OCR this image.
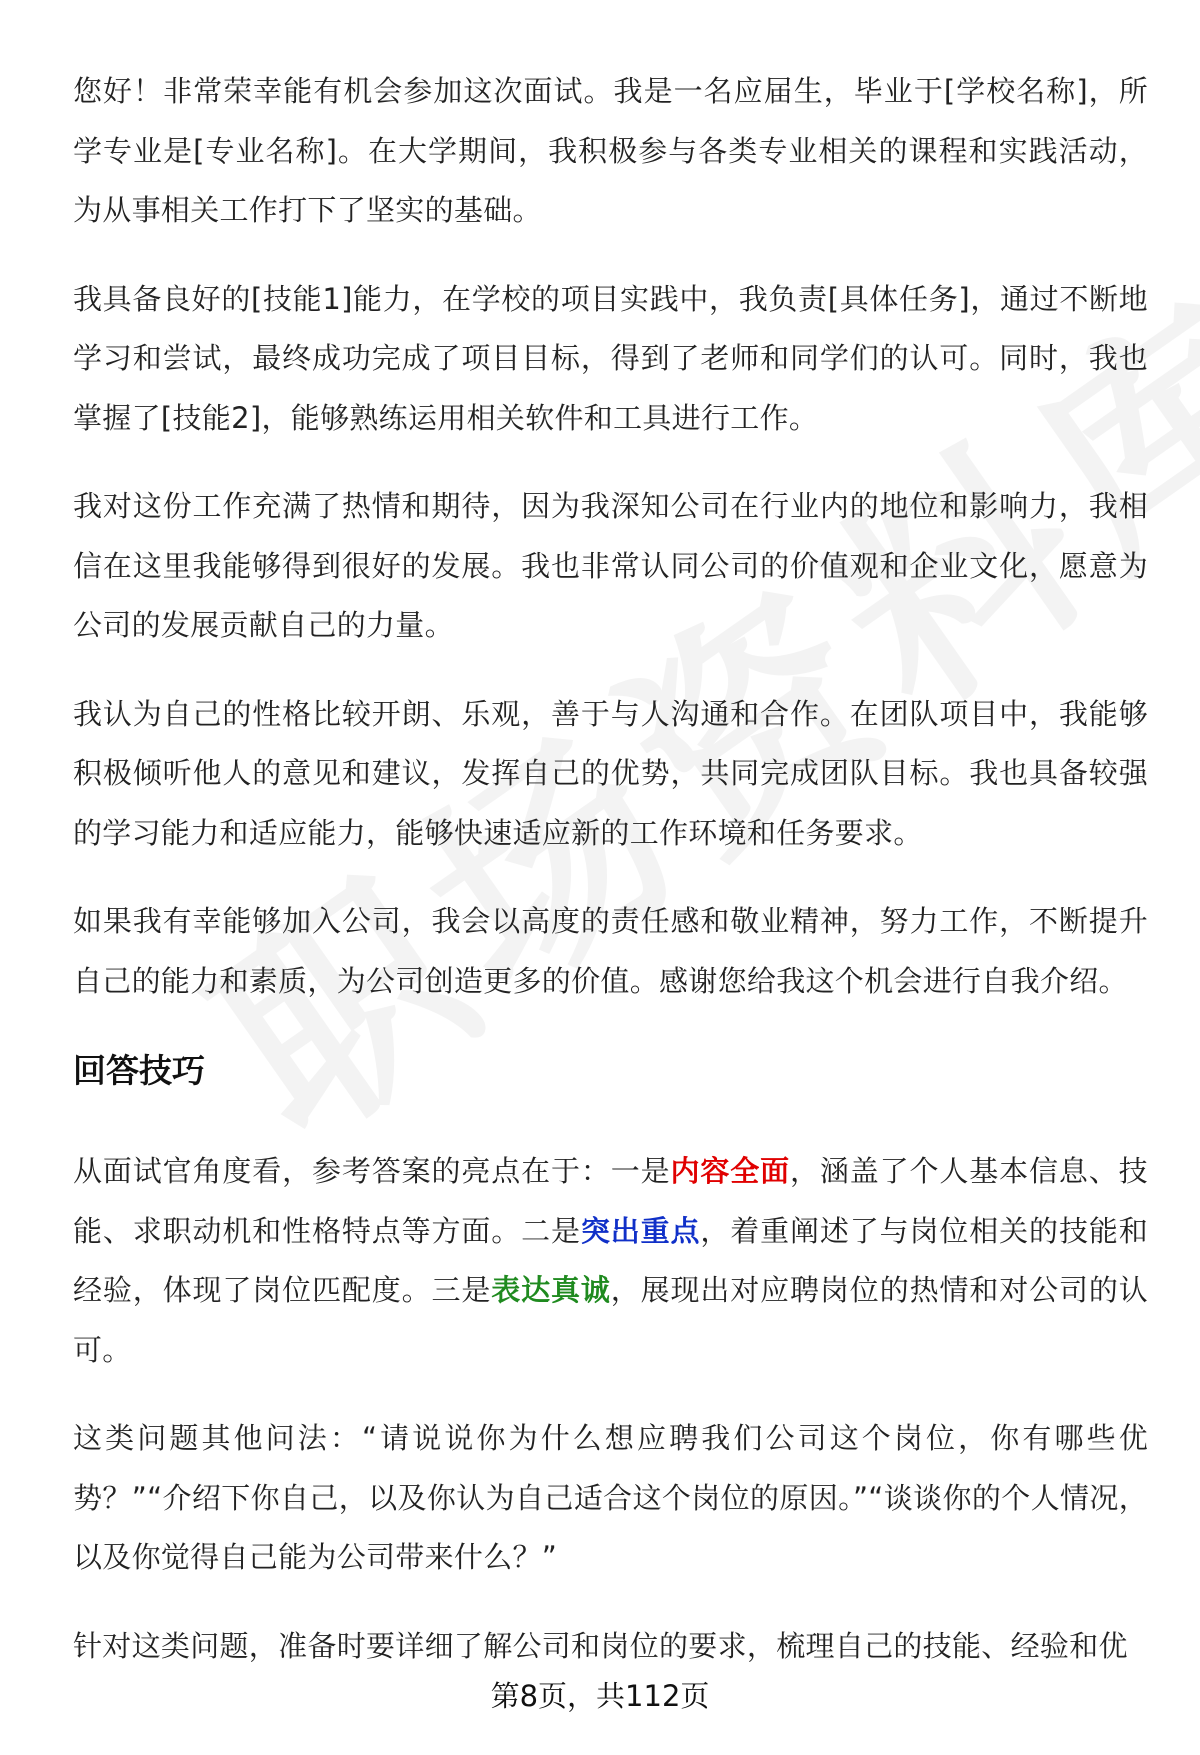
您好！非常荣幸能有机会参加这次面试。我是一名应届生，毕业于[学校名称]，所学专业是[专业名称]。在大学期间，我积极参与各类专业相关的课程和实践活动，为从事相关工作打下了坚实的基础。

我具备良好的[技能1]能力，在学校的项目实践中，我负责[具体任务]，通过不断地学习和尝试，最终成功完成了项目目标，得到了老师和同学们的认可。同时，我也掌握了[技能2]，能够熟练运用相关软件和工具进行工作。

我对这份工作充满了热情和期待，因为我深知公司在行业内的地位和影响力，我相信在这里我能够得到很好的发展。我也非常认同公司的价值观和企业文化，愿意为公司的发展贡献自己的力量。

我认为自己的性格比较开朗、乐观，善于与人沟通和合作。在团队项目中，我能够积极倾听他人的意见和建议，发挥自己的优势，共同完成团队目标。我也具备较强的学习能力和适应能力，能够快速适应新的工作环境和任务要求。

如果我有幸能够加入公司，我会以高度的责任感和敬业精神，努力工作，不断提升自己的能力和素质，为公司创造更多的价值。感谢您给我这个机会进行自我介绍。

回答技巧

从面试官角度看，参考答案的亮点在于：一是内容全面，涵盖了个人基本信息、技能、求职动机和性格特点等方面。二是突出重点，着重阐述了与岗位相关的技能和经验，体现了岗位匹配度。三是表达真诚，展现出对应聘岗位的热情和对公司的认可。

这类问题其他问法：“请说说你为什么想应聘我们公司这个岗位，你有哪些优势？”“介绍下你自己，以及你认为自己适合这个岗位的原因。”“谈谈你的个人情况，以及你觉得自己能为公司带来什么？”

针对这类问题，准备时要详细了解公司和岗位的要求，梳理自己的技能、经验和优

第8页，共112页
